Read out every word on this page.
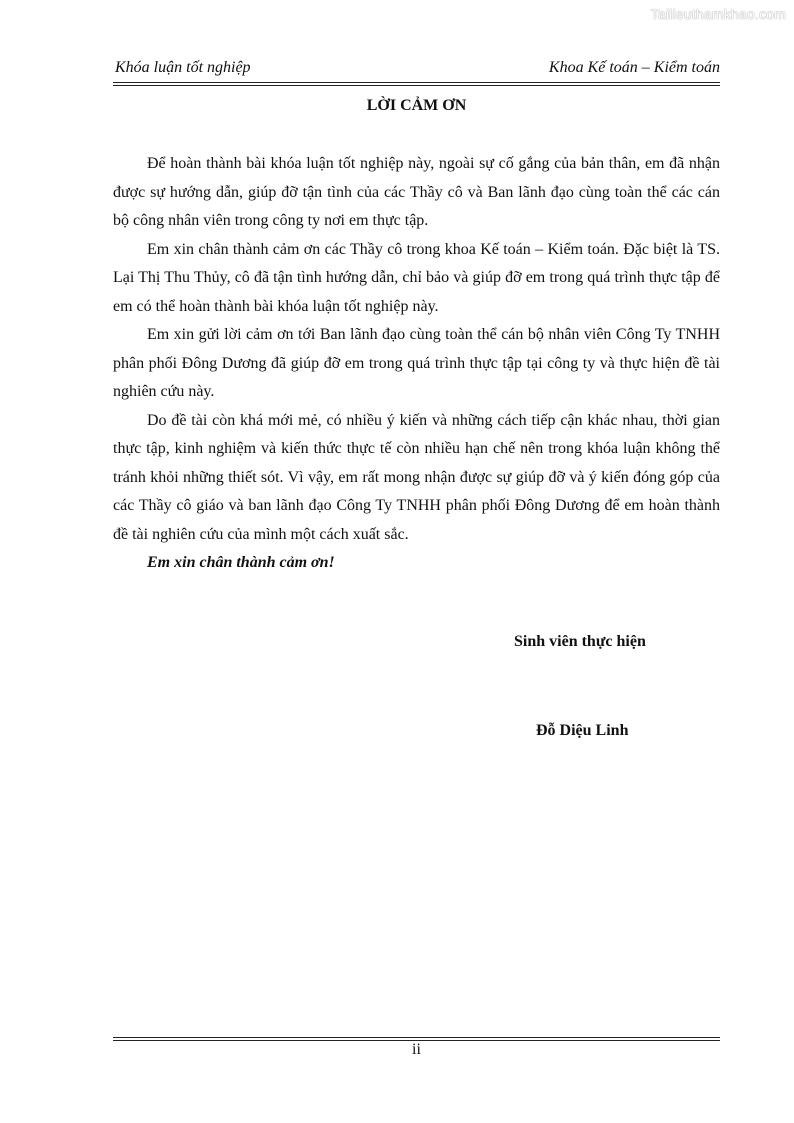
Tailieuthamkhao.com
Khóa luận tốt nghiệp	Khoa Kế toán – Kiểm toán
LỜI CẢM ƠN

Để hoàn thành bài khóa luận tốt nghiệp này, ngoài sự cố gắng của bản thân, em đã nhận được sự hướng dẫn, giúp đỡ tận tình của các Thầy cô và Ban lãnh đạo cùng toàn thể các cán bộ công nhân viên trong công ty nơi em thực tập.

Em xin chân thành cảm ơn các Thầy cô trong khoa Kế toán – Kiểm toán. Đặc biệt là TS. Lại Thị Thu Thủy, cô đã tận tình hướng dẫn, chỉ bảo và giúp đỡ em trong quá trình thực tập để em có thể hoàn thành bài khóa luận tốt nghiệp này.

Em xin gửi lời cảm ơn tới Ban lãnh đạo cùng toàn thể cán bộ nhân viên Công Ty TNHH phân phối Đông Dương đã giúp đỡ em trong quá trình thực tập tại công ty và thực hiện đề tài nghiên cứu này.

Do đề tài còn khá mới mẻ, có nhiều ý kiến và những cách tiếp cận khác nhau, thời gian thực tập, kinh nghiệm và kiến thức thực tế còn nhiều hạn chế nên trong khóa luận không thể tránh khỏi những thiết sót. Vì vậy, em rất mong nhận được sự giúp đỡ và ý kiến đóng góp của các Thầy cô giáo và ban lãnh đạo Công Ty TNHH phân phối Đông Dương để em hoàn thành đề tài nghiên cứu của mình một cách xuất sắc.

Em xin chân thành cảm ơn!

Sinh viên thực hiện
Đỗ Diệu Linh
ii
